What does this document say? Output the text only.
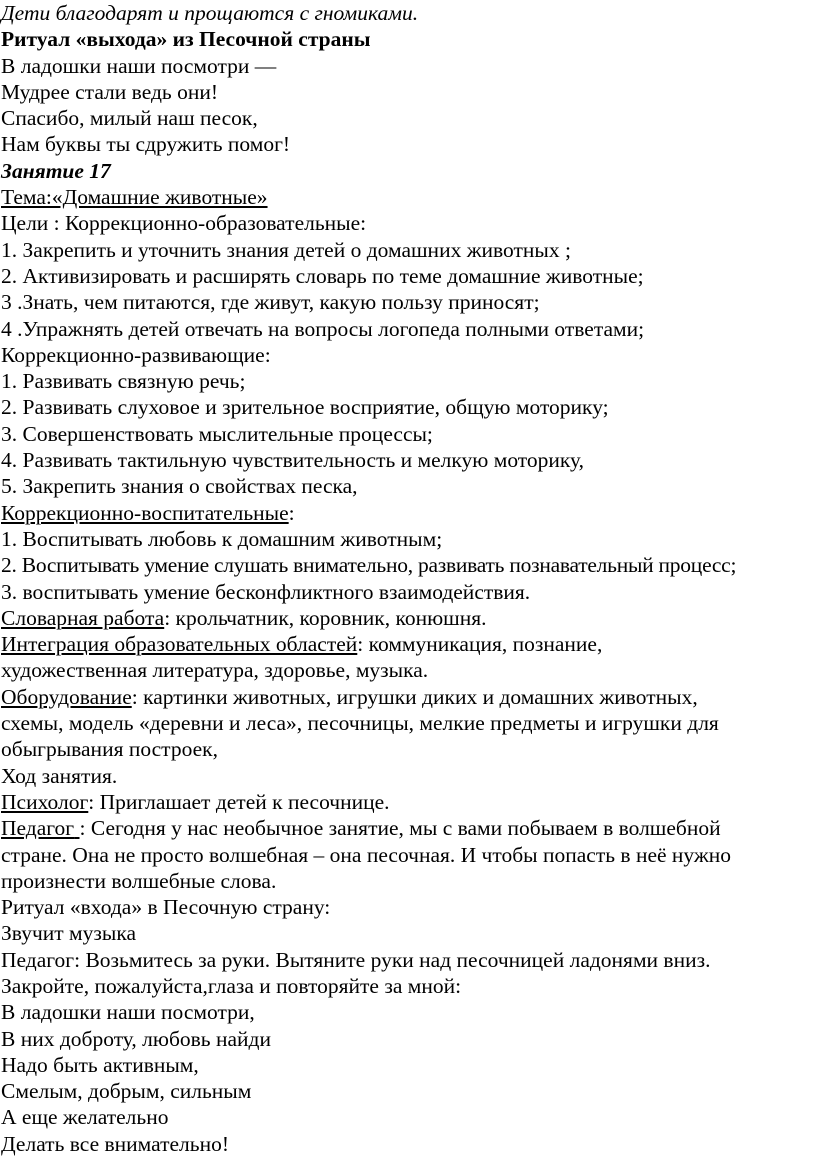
Дети благодарят и прощаются с гномиками.
Ритуал «выхода» из Песочной страны
В ладошки наши посмотри —
Мудрее стали ведь они!
Спасибо, милый наш песок,
Нам буквы ты сдружить помог!
Занятие 17
Тема:«Домашние животные»
Цели : Коррекционно-образовательные:
1. Закрепить и уточнить знания детей о домашних животных ;
2. Активизировать и расширять словарь по теме домашние животные;
3 .Знать, чем питаются, где живут, какую пользу приносят;
4 .Упражнять детей отвечать на вопросы логопеда полными ответами;
Коррекционно-развивающие:
1. Развивать связную речь;
2. Развивать слуховое и зрительное восприятие, общую моторику;
3. Совершенствовать мыслительные процессы;
4. Развивать тактильную чувствительность и мелкую моторику,
5. Закрепить знания о свойствах песка,
Коррекционно-воспитательные:
1. Воспитывать любовь к домашним животным;
2. Воспитывать умение слушать внимательно, развивать познавательный процесс;
3. воспитывать умение бесконфликтного взаимодействия.
Словарная работа: крольчатник, коровник, конюшня.
Интеграция образовательных областей: коммуникация, познание,
художественная литература, здоровье, музыка.
Оборудование: картинки животных, игрушки диких и домашних животных,
схемы, модель «деревни и леса», песочницы, мелкие предметы и игрушки для
обыгрывания построек,
Ход занятия.
Психолог: Приглашает детей к песочнице.
Педагог : Сегодня у нас необычное занятие, мы с вами побываем в волшебной
стране. Она не просто волшебная – она песочная. И чтобы попасть в неё нужно
произнести волшебные слова.
Ритуал «входа» в Песочную страну:
Звучит музыка
Педагог: Возьмитесь за руки. Вытяните руки над песочницей ладонями вниз.
Закройте, пожалуйста,глаза и повторяйте за мной:
В ладошки наши посмотри,
В них доброту, любовь найди
Надо быть активным,
Смелым, добрым, сильным
А еще желательно
Делать все внимательно!
